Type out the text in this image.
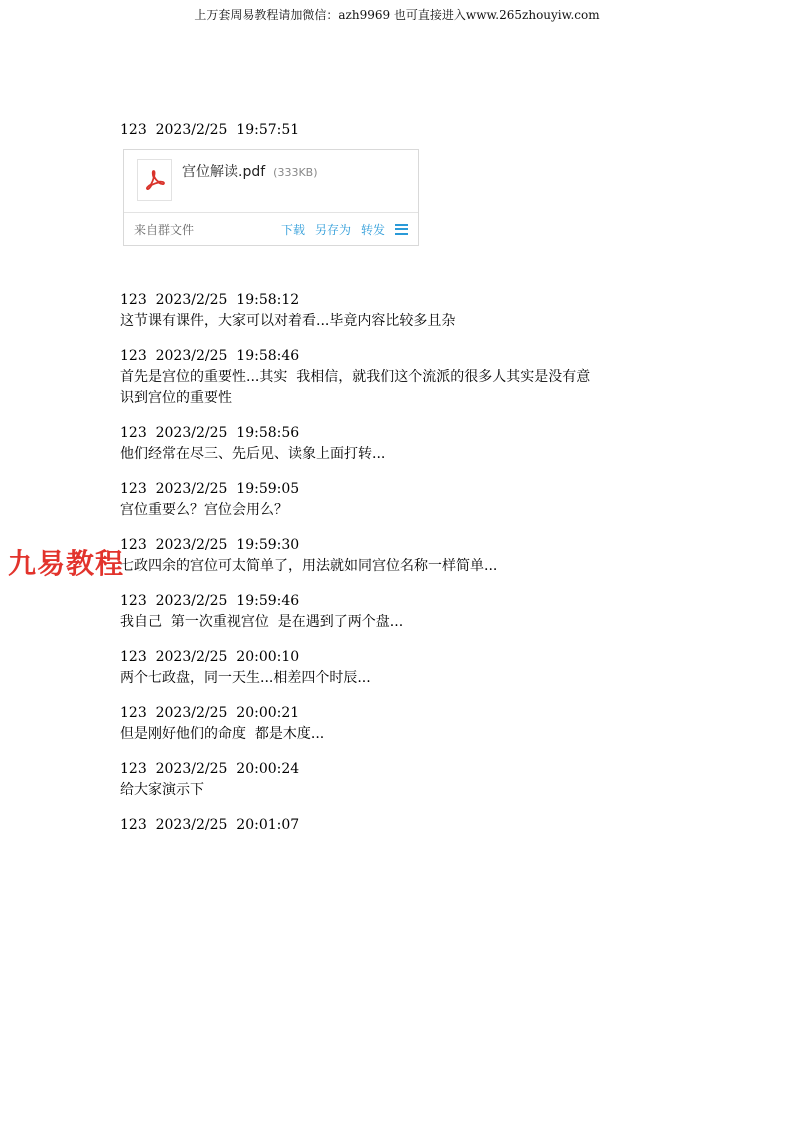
上万套周易教程请加微信：azh9969 也可直接进入www.265zhouyiw.com
123  2023/2/25  19:57:51
宫位解读.pdf (333KB)
来自群文件	下载 另存为 转发
123  2023/2/25  19:58:12
这节课有课件，大家可以对着看...毕竟内容比较多且杂
123  2023/2/25  19:58:46
首先是宫位的重要性...其实  我相信，就我们这个流派的很多人其实是没有意
识到宫位的重要性
123  2023/2/25  19:58:56
他们经常在尽三、先后见、读象上面打转...
123  2023/2/25  19:59:05
宫位重要么？宫位会用么？
123  2023/2/25  19:59:30
七政四余的宫位可太简单了，用法就如同宫位名称一样简单...
123  2023/2/25  19:59:46
我自己  第一次重视宫位  是在遇到了两个盘...
123  2023/2/25  20:00:10
两个七政盘，同一天生...相差四个时辰...
123  2023/2/25  20:00:21
但是刚好他们的命度  都是木度...
123  2023/2/25  20:00:24
给大家演示下
123  2023/2/25  20:01:07
九易教程
